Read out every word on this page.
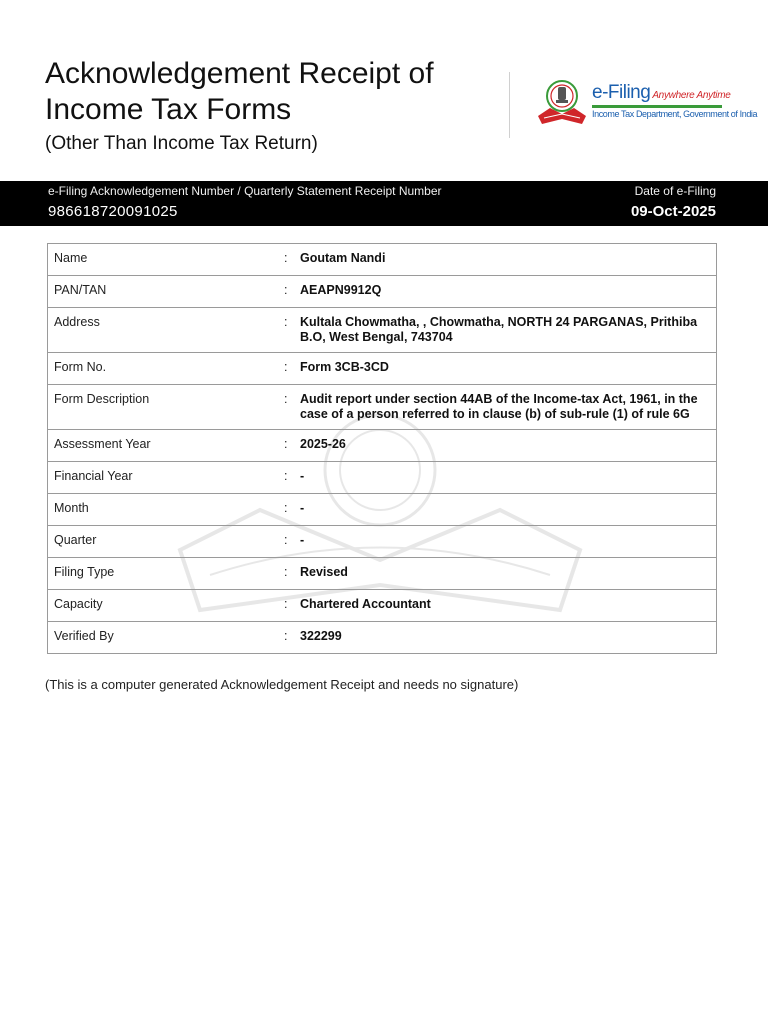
Acknowledgement Receipt of Income Tax Forms
(Other Than Income Tax Return)
e-Filing Anywhere Anytime
Income Tax Department, Government of India
e-Filing Acknowledgement Number / Quarterly Statement Receipt Number
986618720091025
Date of e-Filing
09-Oct-2025
Name	:	Goutam Nandi
PAN/TAN	:	AEAPN9912Q
Address	:	Kultala Chowmatha, , Chowmatha, NORTH 24 PARGANAS, Prithiba B.O, West Bengal, 743704
Form No.	:	Form 3CB-3CD
Form Description	:	Audit report under section 44AB of the Income-tax Act, 1961, in the case of a person referred to in clause (b) of sub-rule (1) of rule 6G
Assessment Year	:	2025-26
Financial Year	:	-
Month	:	-
Quarter	:	-
Filing Type	:	Revised
Capacity	:	Chartered Accountant
Verified By	:	322299
(This is a computer generated Acknowledgement Receipt and needs no signature)
